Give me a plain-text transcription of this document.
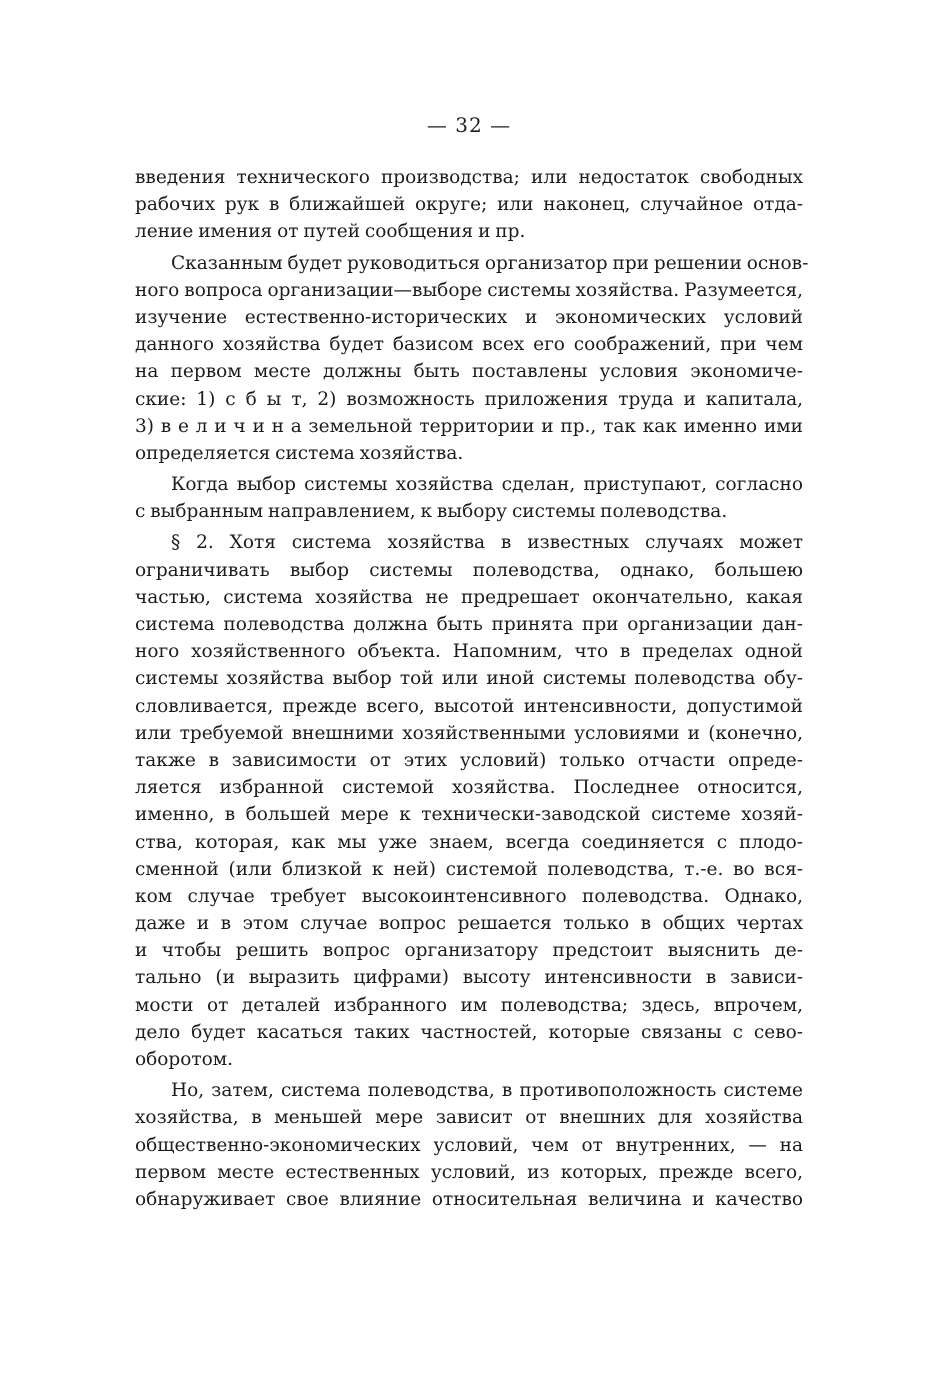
— 32 —
введения технического производства; или недостаток свободных
рабочих рук в ближайшей округе; или наконец, случайное отда-
ление имения от путей сообщения и пр.
Сказанным будет руководиться организатор при решении основ-
ного вопроса организации—выборе системы хозяйства. Разумеется,
изучение естественно-исторических и экономических условий
данного хозяйства будет базисом всех его соображений, при чем
на первом месте должны быть поставлены условия экономиче-
ские: 1) с б ы т, 2) возможность приложения труда и капитала,
3) в е л и ч и н а земельной территории и пр., так как именно ими
определяется система хозяйства.
Когда выбор системы хозяйства сделан, приступают, согласно
с выбранным направлением, к выбору системы полеводства.
§ 2. Хотя система хозяйства в известных случаях может
ограничивать выбор системы полеводства, однако, большею
частью, система хозяйства не предрешает окончательно, какая
система полеводства должна быть принята при организации дан-
ного хозяйственного объекта. Напомним, что в пределах одной
системы хозяйства выбор той или иной системы полеводства обу-
словливается, прежде всего, высотой интенсивности, допустимой
или требуемой внешними хозяйственными условиями и (конечно,
также в зависимости от этих условий) только отчасти опреде-
ляется избранной системой хозяйства. Последнее относится,
именно, в большей мере к технически-заводской системе хозяй-
ства, которая, как мы уже знаем, всегда соединяется с плодо-
сменной (или близкой к ней) системой полеводства, т.-е. во вся-
ком случае требует высокоинтенсивного полеводства. Однако,
даже и в этом случае вопрос решается только в общих чертах
и чтобы решить вопрос организатору предстоит выяснить де-
тально (и выразить цифрами) высоту интенсивности в зависи-
мости от деталей избранного им полеводства; здесь, впрочем,
дело будет касаться таких частностей, которые связаны с сево-
оборотом.
Но, затем, система полеводства, в противоположность системе
хозяйства, в меньшей мере зависит от внешних для хозяйства
общественно-экономических условий, чем от внутренних, — на
первом месте естественных условий, из которых, прежде всего,
обнаруживает свое влияние относительная величина и качество
